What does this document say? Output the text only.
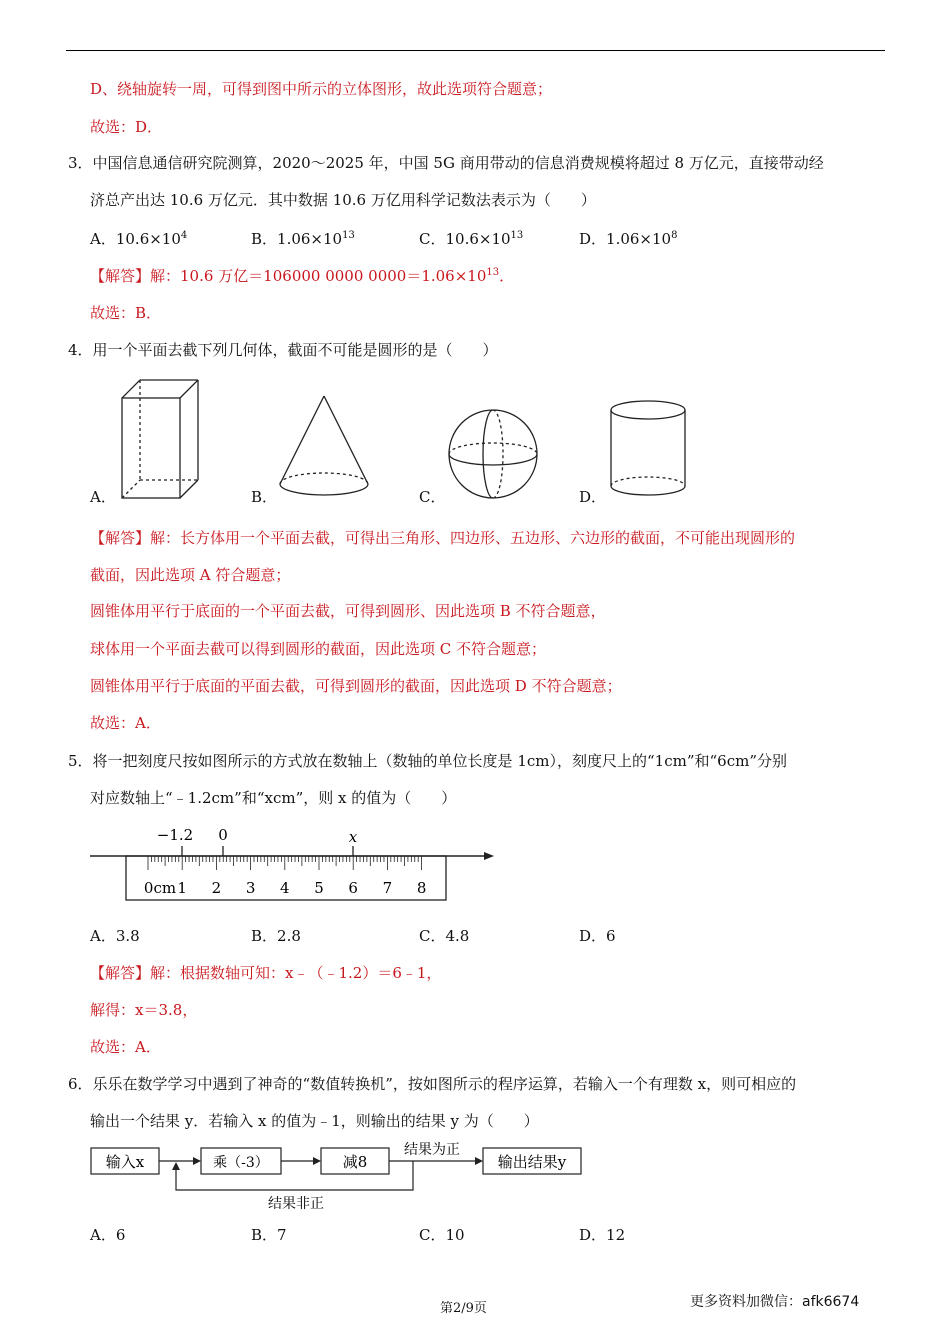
D、绕轴旋转一周，可得到图中所示的立体图形，故此选项符合题意；
故选：D．
3．中国信息通信研究院测算，2020～2025 年，中国 5G 商用带动的信息消费规模将超过 8 万亿元，直接带动经
济总产出达 10.6 万亿元．其中数据 10.6 万亿用科学记数法表示为（　　）
A．$10.6\times 10^4$	B．$1.06\times 10^{13}$	C．$10.6\times 10^{13}$	D．$1.06\times 10^8$
【解答】解：10.6 万亿＝106000 0000 $0000=1.06\times 10^{13}$．
故选：B．
4．用一个平面去截下列几何体，截面不可能是圆形的是（　　）
A．	B．	C．	D．
【解答】解：长方体用一个平面去截，可得出三角形、四边形、五边形、六边形的截面，不可能出现圆形的
截面，因此选项 A 符合题意；
圆锥体用平行于底面的一个平面去截，可得到圆形、因此选项 B 不符合题意，
球体用一个平面去截可以得到圆形的截面，因此选项 C 不符合题意；
圆锥体用平行于底面的平面去截，可得到圆形的截面，因此选项 D 不符合题意；
故选：A．
5．将一把刻度尺按如图所示的方式放在数轴上（数轴的单位长度是 1cm），刻度尺上的“1cm”和“6cm”分别
对应数轴上“﹣1.2cm”和“xcm”，则 x 的值为（　　）
−1.2 0	x
0cm 1 2 3 4 5 6 7 8
A．3.8	B．2.8	C．4.8	D．6
【解答】解：根据数轴可知：x﹣（﹣1.2）＝6﹣1，
解得：x＝3.8，
故选：A．
6．乐乐在数学学习中遇到了神奇的“数值转换机”，按如图所示的程序运算，若输入一个有理数 x，则可相应的
输出一个结果 y．若输入 x 的值为﹣1，则输出的结果 y 为（　　）
输入x	乘（-3）	减8	输出结果y
结果为正
结果非正
A．6	B．7	C．10	D．12
第2/9页	更多资料加微信：afk6674
